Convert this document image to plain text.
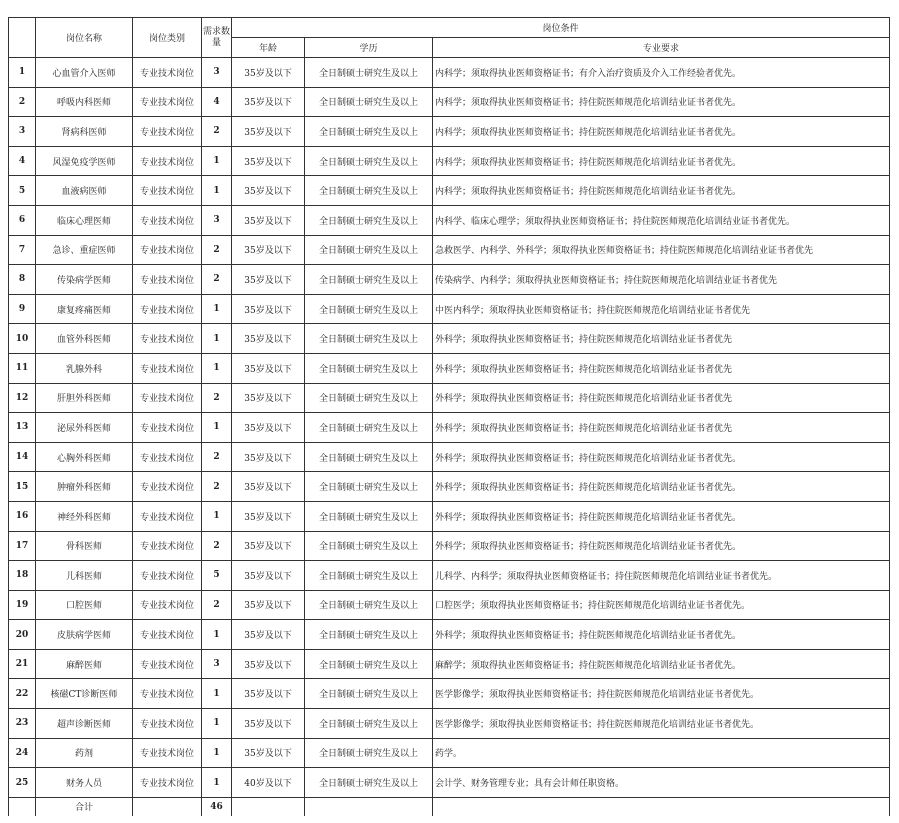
	岗位名称	岗位类别	需求数量	岗位条件		
				年龄	学历	专业要求
1	心血管介入医师	专业技术岗位	3	35岁及以下	全日制硕士研究生及以上	内科学；须取得执业医师资格证书；有介入治疗资质及介入工作经验者优先。
2	呼吸内科医师	专业技术岗位	4	35岁及以下	全日制硕士研究生及以上	内科学；须取得执业医师资格证书；持住院医师规范化培训结业证书者优先。
3	肾病科医师	专业技术岗位	2	35岁及以下	全日制硕士研究生及以上	内科学；须取得执业医师资格证书；持住院医师规范化培训结业证书者优先。
4	风湿免疫学医师	专业技术岗位	1	35岁及以下	全日制硕士研究生及以上	内科学；须取得执业医师资格证书；持住院医师规范化培训结业证书者优先。
5	血液病医师	专业技术岗位	1	35岁及以下	全日制硕士研究生及以上	内科学；须取得执业医师资格证书；持住院医师规范化培训结业证书者优先。
6	临床心理医师	专业技术岗位	3	35岁及以下	全日制硕士研究生及以上	内科学、临床心理学；须取得执业医师资格证书；持住院医师规范化培训结业证书者优先。
7	急诊、重症医师	专业技术岗位	2	35岁及以下	全日制硕士研究生及以上	急救医学、内科学、外科学；须取得执业医师资格证书；持住院医师规范化培训结业证书者优先
8	传染病学医师	专业技术岗位	2	35岁及以下	全日制硕士研究生及以上	传染病学、内科学；须取得执业医师资格证书；持住院医师规范化培训结业证书者优先
9	康复疼痛医师	专业技术岗位	1	35岁及以下	全日制硕士研究生及以上	中医内科学；须取得执业医师资格证书；持住院医师规范化培训结业证书者优先
10	血管外科医师	专业技术岗位	1	35岁及以下	全日制硕士研究生及以上	外科学；须取得执业医师资格证书；持住院医师规范化培训结业证书者优先
11	乳腺外科	专业技术岗位	1	35岁及以下	全日制硕士研究生及以上	外科学；须取得执业医师资格证书；持住院医师规范化培训结业证书者优先
12	肝胆外科医师	专业技术岗位	2	35岁及以下	全日制硕士研究生及以上	外科学；须取得执业医师资格证书；持住院医师规范化培训结业证书者优先
13	泌尿外科医师	专业技术岗位	1	35岁及以下	全日制硕士研究生及以上	外科学；须取得执业医师资格证书；持住院医师规范化培训结业证书者优先
14	心胸外科医师	专业技术岗位	2	35岁及以下	全日制硕士研究生及以上	外科学；须取得执业医师资格证书；持住院医师规范化培训结业证书者优先。
15	肿瘤外科医师	专业技术岗位	2	35岁及以下	全日制硕士研究生及以上	外科学；须取得执业医师资格证书；持住院医师规范化培训结业证书者优先。
16	神经外科医师	专业技术岗位	1	35岁及以下	全日制硕士研究生及以上	外科学；须取得执业医师资格证书；持住院医师规范化培训结业证书者优先。
17	骨科医师	专业技术岗位	2	35岁及以下	全日制硕士研究生及以上	外科学；须取得执业医师资格证书；持住院医师规范化培训结业证书者优先。
18	儿科医师	专业技术岗位	5	35岁及以下	全日制硕士研究生及以上	儿科学、内科学；须取得执业医师资格证书；持住院医师规范化培训结业证书者优先。
19	口腔医师	专业技术岗位	2	35岁及以下	全日制硕士研究生及以上	口腔医学；须取得执业医师资格证书；持住院医师规范化培训结业证书者优先。
20	皮肤病学医师	专业技术岗位	1	35岁及以下	全日制硕士研究生及以上	外科学；须取得执业医师资格证书；持住院医师规范化培训结业证书者优先。
21	麻醉医师	专业技术岗位	3	35岁及以下	全日制硕士研究生及以上	麻醉学；须取得执业医师资格证书；持住院医师规范化培训结业证书者优先。
22	核磁CT诊断医师	专业技术岗位	1	35岁及以下	全日制硕士研究生及以上	医学影像学；须取得执业医师资格证书；持住院医师规范化培训结业证书者优先。
23	超声诊断医师	专业技术岗位	1	35岁及以下	全日制硕士研究生及以上	医学影像学；须取得执业医师资格证书；持住院医师规范化培训结业证书者优先。
24	药剂	专业技术岗位	1	35岁及以下	全日制硕士研究生及以上	药学。
25	财务人员	专业技术岗位	1	40岁及以下	全日制硕士研究生及以上	会计学、财务管理专业；具有会计师任职资格。
	合计		46			
